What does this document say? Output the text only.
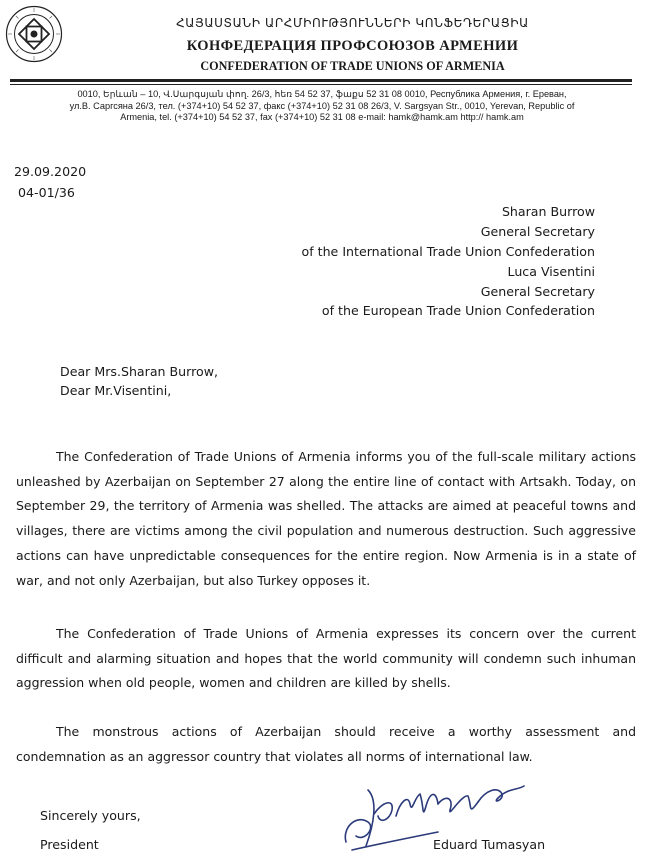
ՀԱՅԱՍՏԱՆԻ ԱՐՀՄԻՈՒԹՅՈՒՆՆԵՐԻ ԿՈՆՖԵԴԵՐԱՑԻԱ
КОНФЕДЕРАЦИЯ ПРОФСОЮЗОВ АРМЕНИИ
CONFEDERATION OF TRADE UNIONS OF ARMENIA
0010, Երևան – 10, Վ.Սարգսյան փող. 26/3, հեռ 54 52 37, ֆաքս 52 31 08 0010, Республика Армения, г. Ереван,
ул.В. Саргсяна 26/3, тел. (+374+10) 54 52 37, факс (+374+10) 52 31 08 26/3, V. Sargsyan Str., 0010, Yerevan, Republic of
Armenia, tel. (+374+10) 54 52 37, fax (+374+10) 52 31 08 e-mail: hamk@hamk.am http:// hamk.am
29.09.2020
04-01/36
Sharan Burrow
General Secretary
of the International Trade Union Confederation
Luca Visentini
General Secretary
of the European Trade Union Confederation
Dear Mrs.Sharan Burrow,
Dear Mr.Visentini,
The Confederation of Trade Unions of Armenia informs you of the full-scale military actions unleashed by Azerbaijan on September 27 along the entire line of contact with Artsakh. Today, on September 29, the territory of Armenia was shelled. The attacks are aimed at peaceful towns and villages, there are victims among the civil population and numerous destruction. Such aggressive actions can have unpredictable consequences for the entire region. Now Armenia is in a state of war, and not only Azerbaijan, but also Turkey opposes it.
The Confederation of Trade Unions of Armenia expresses its concern over the current difficult and alarming situation and hopes that the world community will condemn such inhuman aggression when old people, women and children are killed by shells.
The monstrous actions of Azerbaijan should receive a worthy assessment and condemnation as an aggressor country that violates all norms of international law.
Sincerely yours,
President	Eduard Tumasyan
